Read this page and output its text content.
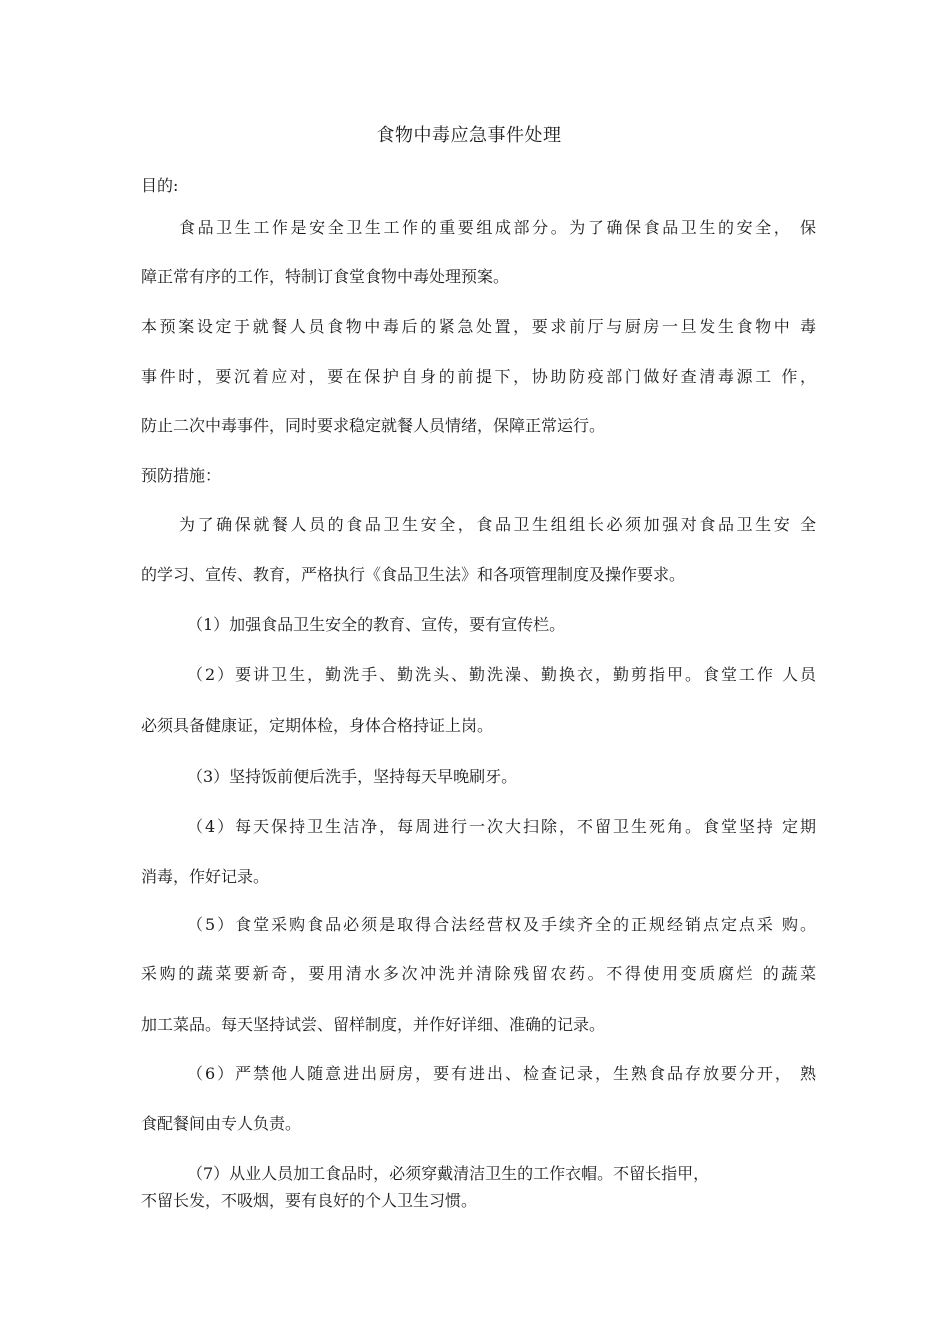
食物中毒应急事件处理
目的:
食品卫生工作是安全卫生工作的重要组成部分。为了确保食品卫生的安全， 保
障正常有序的工作，特制订食堂食物中毒处理预案。
本预案设定于就餐人员食物中毒后的紧急处置，要求前厅与厨房一旦发生食物中 毒
事件时，要沉着应对，要在保护自身的前提下，协助防疫部门做好查清毒源工 作，
防止二次中毒事件，同时要求稳定就餐人员情绪，保障正常运行。
预防措施：
为了确保就餐人员的食品卫生安全，食品卫生组组长必须加强对食品卫生安 全
的学习、宣传、教育，严格执行《食品卫生法》和各项管理制度及操作要求。
（1）加强食品卫生安全的教育、宣传，要有宣传栏。
（2）要讲卫生，勤洗手、勤洗头、勤洗澡、勤换衣，勤剪指甲。食堂工作 人员
必须具备健康证，定期体检，身体合格持证上岗。
（3）坚持饭前便后洗手，坚持每天早晚刷牙。
（4）每天保持卫生洁净，每周进行一次大扫除，不留卫生死角。食堂坚持 定期
消毒，作好记录。
（5）食堂采购食品必须是取得合法经营权及手续齐全的正规经销点定点采 购。
采购的蔬菜要新奇，要用清水多次冲洗并清除残留农药。不得使用变质腐烂 的蔬菜
加工菜品。每天坚持试尝、留样制度，并作好详细、准确的记录。
（6）严禁他人随意进出厨房，要有进出、检查记录，生熟食品存放要分开， 熟
食配餐间由专人负责。
（7）从业人员加工食品时，必须穿戴清洁卫生的工作衣帽。不留长指甲，
不留长发，不吸烟，要有良好的个人卫生习惯。
